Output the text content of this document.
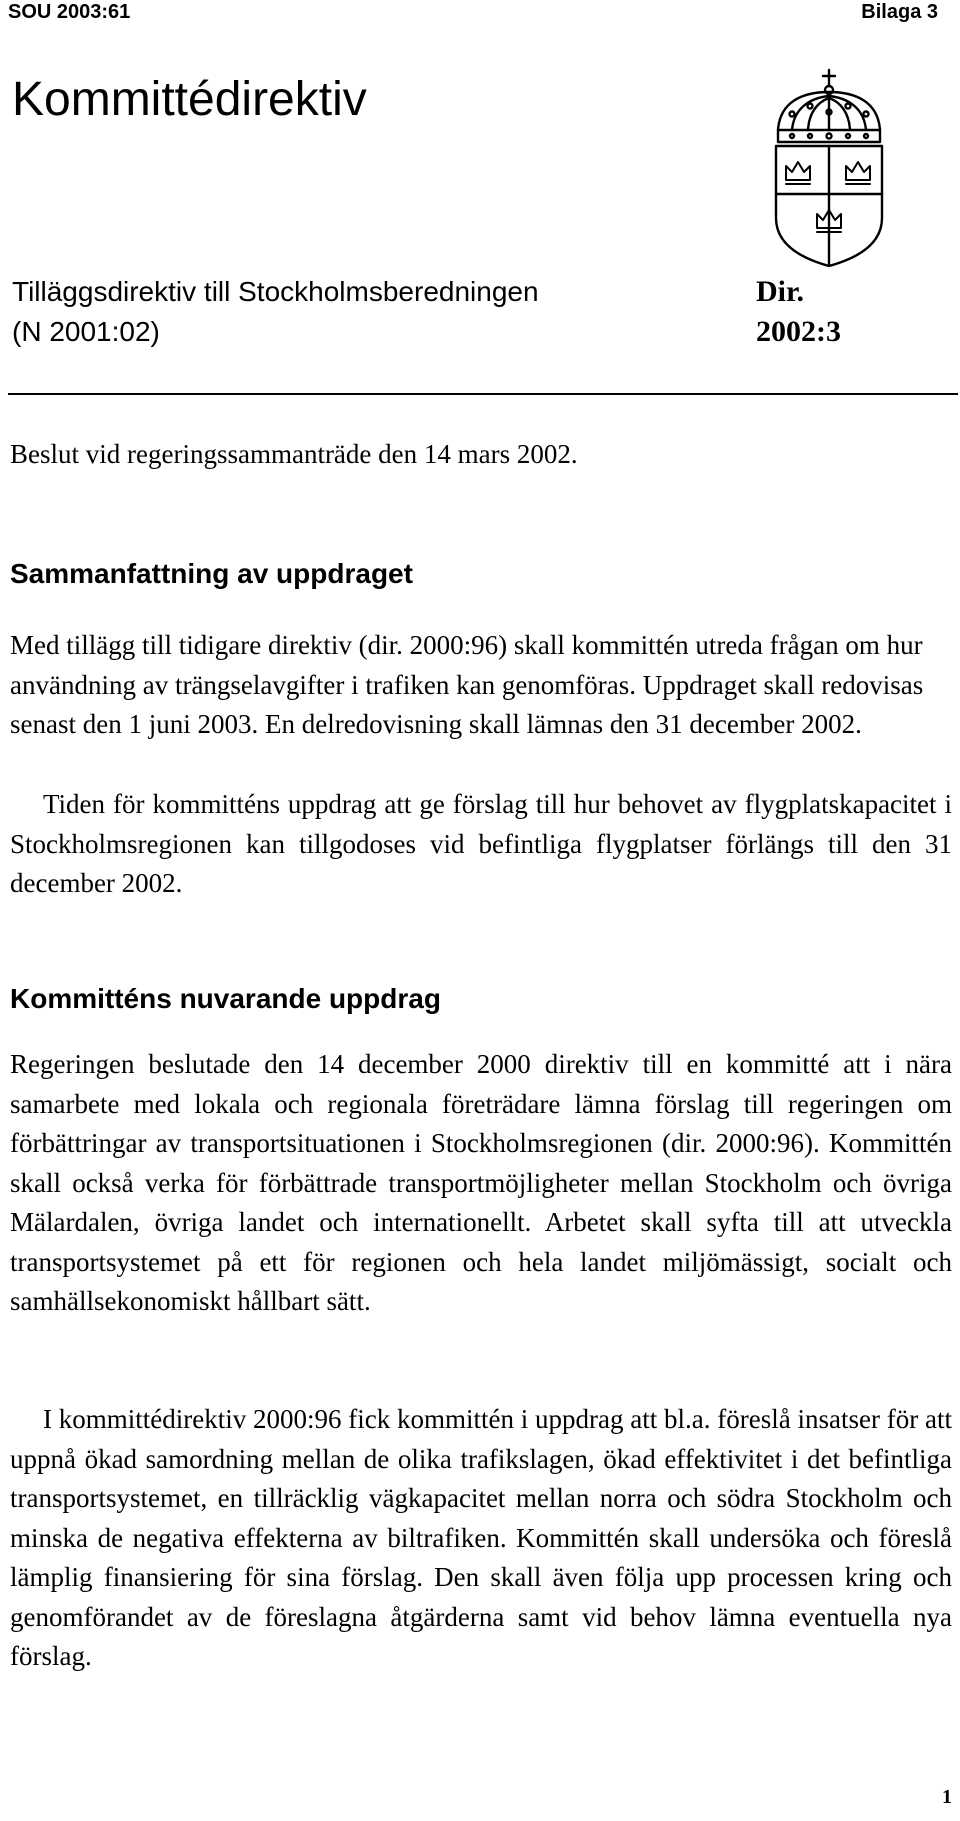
SOU 2003:61	Bilaga 3
Kommittédirektiv
Tilläggsdirektiv till Stockholmsberedningen
(N 2001:02)
Dir.
2002:3

Beslut vid regeringssammanträde den 14 mars 2002.

Sammanfattning av uppdraget

Med tillägg till tidigare direktiv (dir. 2000:96) skall kommittén utreda frågan om hur användning av trängselavgifter i trafiken kan genomföras. Uppdraget skall redovisas senast den 1 juni 2003. En delredovisning skall lämnas den 31 december 2002.

Tiden för kommitténs uppdrag att ge förslag till hur behovet av flygplatskapacitet i Stockholmsregionen kan tillgodoses vid befintliga flygplatser förlängs till den 31 december 2002.

Kommitténs nuvarande uppdrag

Regeringen beslutade den 14 december 2000 direktiv till en kommitté att i nära samarbete med lokala och regionala företrädare lämna förslag till regeringen om förbättringar av transportsituationen i Stockholmsregionen (dir. 2000:96). Kommittén skall också verka för förbättrade transportmöjligheter mellan Stockholm och övriga Mälardalen, övriga landet och internationellt. Arbetet skall syfta till att utveckla transportsystemet på ett för regionen och hela landet miljömässigt, socialt och samhällsekonomiskt hållbart sätt.

I kommittédirektiv 2000:96 fick kommittén i uppdrag att bl.a. föreslå insatser för att uppnå ökad samordning mellan de olika trafikslagen, ökad effektivitet i det befintliga transportsystemet, en tillräcklig vägkapacitet mellan norra och södra Stockholm och minska de negativa effekterna av biltrafiken. Kommittén skall undersöka och föreslå lämplig finansiering för sina förslag. Den skall även följa upp processen kring och genomförandet av de föreslagna åtgärderna samt vid behov lämna eventuella nya förslag.

1
